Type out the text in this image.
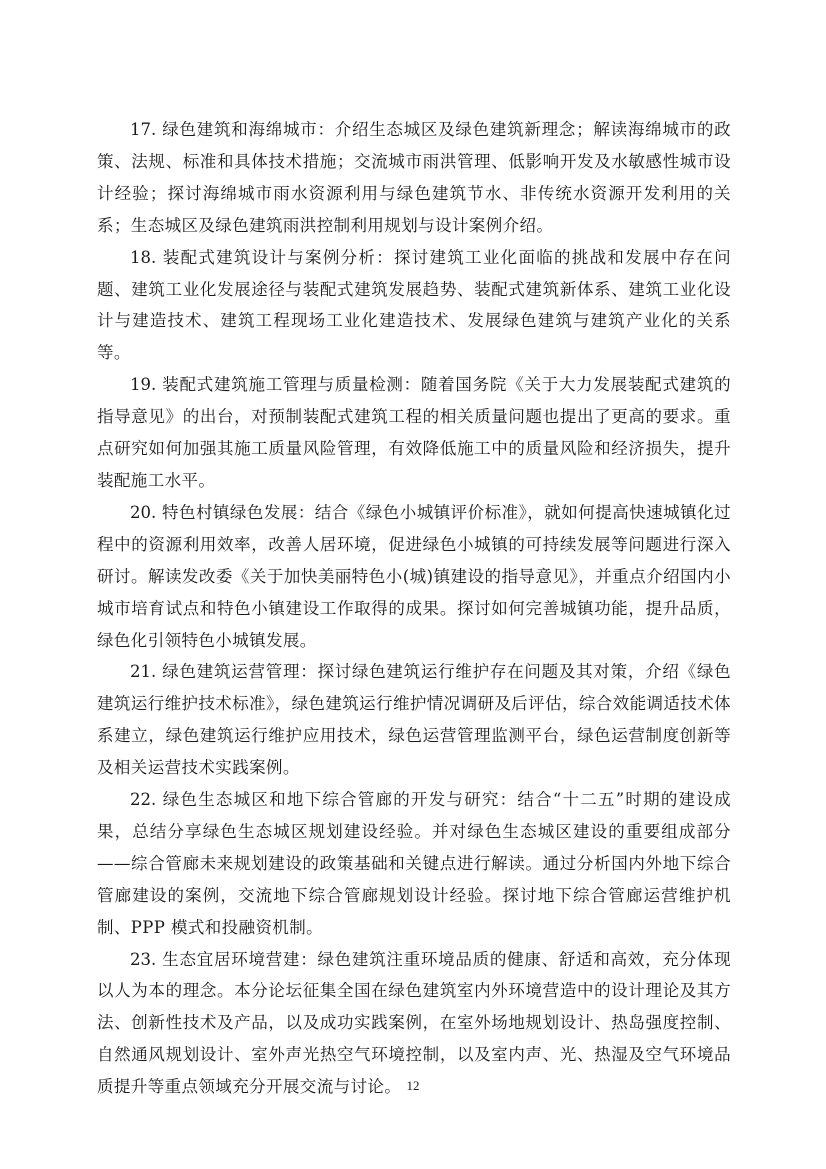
17. 绿色建筑和海绵城市：介绍生态城区及绿色建筑新理念；解读海绵城市的政策、法规、标准和具体技术措施；交流城市雨洪管理、低影响开发及水敏感性城市设计经验；探讨海绵城市雨水资源利用与绿色建筑节水、非传统水资源开发利用的关系；生态城区及绿色建筑雨洪控制利用规划与设计案例介绍。

18. 装配式建筑设计与案例分析：探讨建筑工业化面临的挑战和发展中存在问题、建筑工业化发展途径与装配式建筑发展趋势、装配式建筑新体系、建筑工业化设计与建造技术、建筑工程现场工业化建造技术、发展绿色建筑与建筑产业化的关系等。

19. 装配式建筑施工管理与质量检测：随着国务院《关于大力发展装配式建筑的指导意见》的出台，对预制装配式建筑工程的相关质量问题也提出了更高的要求。重点研究如何加强其施工质量风险管理，有效降低施工中的质量风险和经济损失，提升装配施工水平。

20. 特色村镇绿色发展：结合《绿色小城镇评价标准》，就如何提高快速城镇化过程中的资源利用效率，改善人居环境，促进绿色小城镇的可持续发展等问题进行深入研讨。解读发改委《关于加快美丽特色小(城)镇建设的指导意见》，并重点介绍国内小城市培育试点和特色小镇建设工作取得的成果。探讨如何完善城镇功能，提升品质，绿色化引领特色小城镇发展。

21. 绿色建筑运营管理：探讨绿色建筑运行维护存在问题及其对策，介绍《绿色建筑运行维护技术标准》，绿色建筑运行维护情况调研及后评估，综合效能调适技术体系建立，绿色建筑运行维护应用技术，绿色运营管理监测平台，绿色运营制度创新等及相关运营技术实践案例。

22. 绿色生态城区和地下综合管廊的开发与研究：结合“十二五”时期的建设成果，总结分享绿色生态城区规划建设经验。并对绿色生态城区建设的重要组成部分——综合管廊未来规划建设的政策基础和关键点进行解读。通过分析国内外地下综合管廊建设的案例，交流地下综合管廊规划设计经验。探讨地下综合管廊运营维护机制、PPP 模式和投融资机制。

23. 生态宜居环境营建：绿色建筑注重环境品质的健康、舒适和高效，充分体现以人为本的理念。本分论坛征集全国在绿色建筑室内外环境营造中的设计理论及其方法、创新性技术及产品，以及成功实践案例，在室外场地规划设计、热岛强度控制、自然通风规划设计、室外声光热空气环境控制，以及室内声、光、热湿及空气环境品质提升等重点领域充分开展交流与讨论。 12
